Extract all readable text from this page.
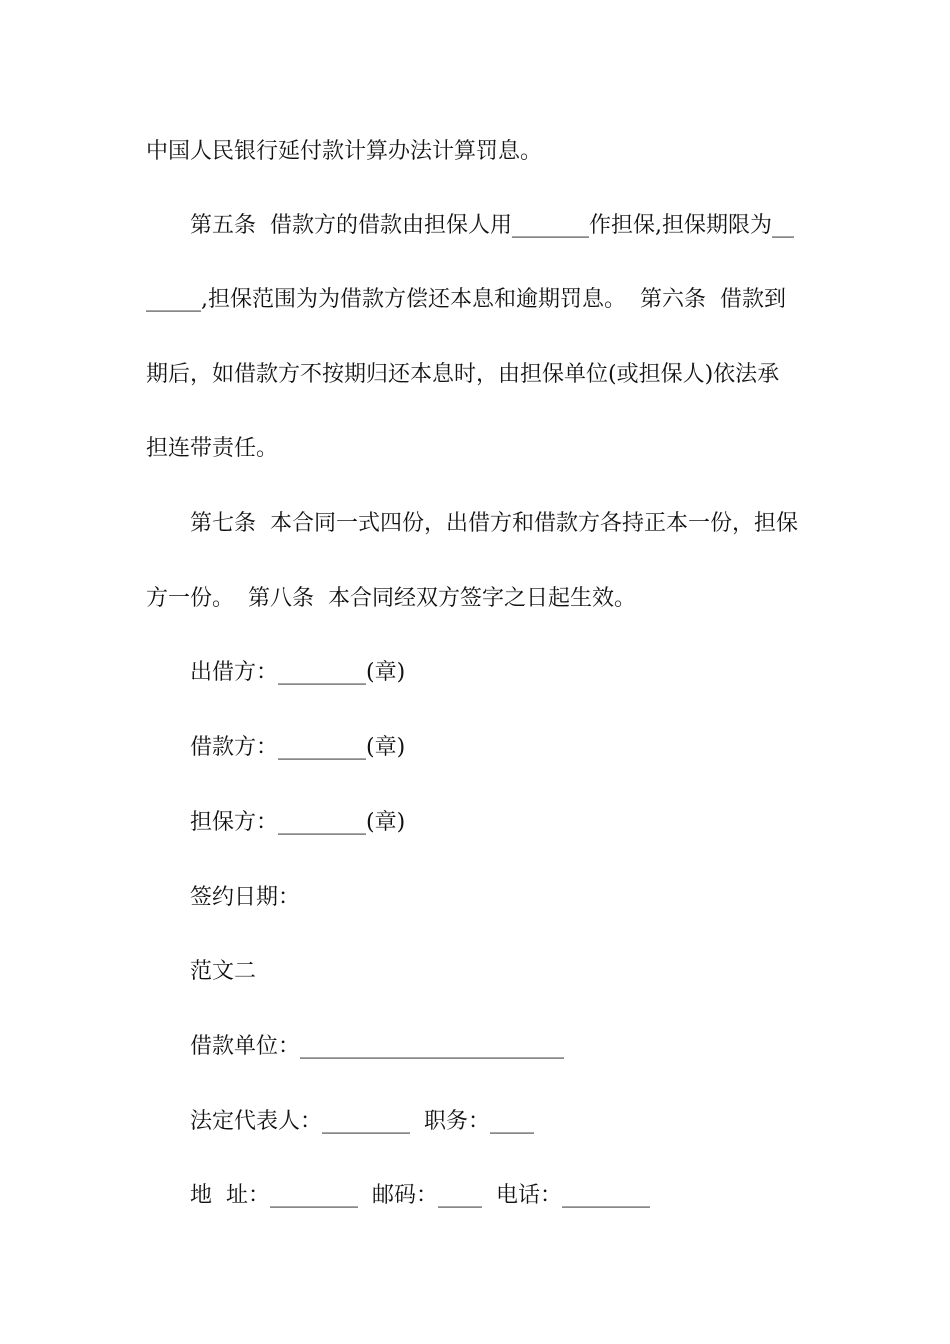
中国人民银行延付款计算办法计算罚息。
第五条  借款方的借款由担保人用_______作担保,担保期限为__
_____,担保范围为为借款方偿还本息和逾期罚息。  第六条  借款到
期后，如借款方不按期归还本息时，由担保单位(或担保人)依法承
担连带责任。
第七条  本合同一式四份，出借方和借款方各持正本一份，担保
方一份。  第八条  本合同经双方签字之日起生效。
出借方：________(章)
借款方：________(章)
担保方：________(章)
签约日期：
范文二
借款单位：________________________
法定代表人：________  职务：____
地  址：________  邮码：____  电话：________
